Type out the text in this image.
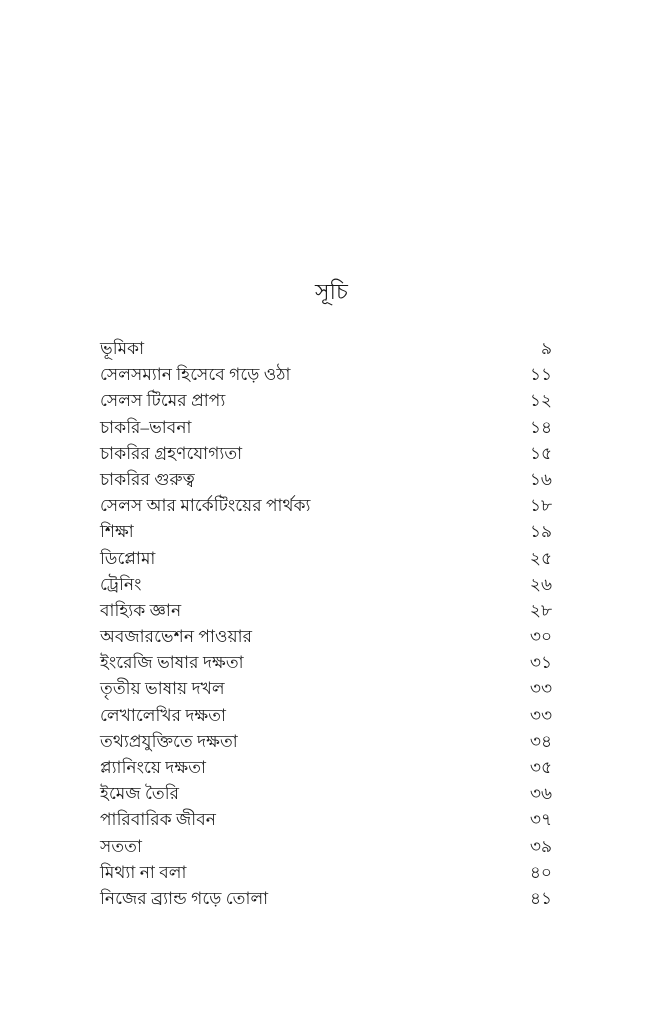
সূচি
ভূমিকা	৯
সেলসম্যান হিসেবে গড়ে ওঠা	১১
সেলস টিমের প্রাপ্য	১২
চাকরি–ভাবনা	১৪
চাকরির গ্রহণযোগ্যতা	১৫
চাকরির গুরুত্ব	১৬
সেলস আর মার্কেটিংয়ের পার্থক্য	১৮
শিক্ষা	১৯
ডিপ্লোমা	২৫
ট্রেনিং	২৬
বাহ্যিক জ্ঞান	২৮
অবজারভেশন পাওয়ার	৩০
ইংরেজি ভাষার দক্ষতা	৩১
তৃতীয় ভাষায় দখল	৩৩
লেখালেখির দক্ষতা	৩৩
তথ্যপ্রযুক্তিতে দক্ষতা	৩৪
প্ল্যানিংয়ে দক্ষতা	৩৫
ইমেজ তৈরি	৩৬
পারিবারিক জীবন	৩৭
সততা	৩৯
মিথ্যা না বলা	৪০
নিজের ব্র্যান্ড গড়ে তোলা	৪১
